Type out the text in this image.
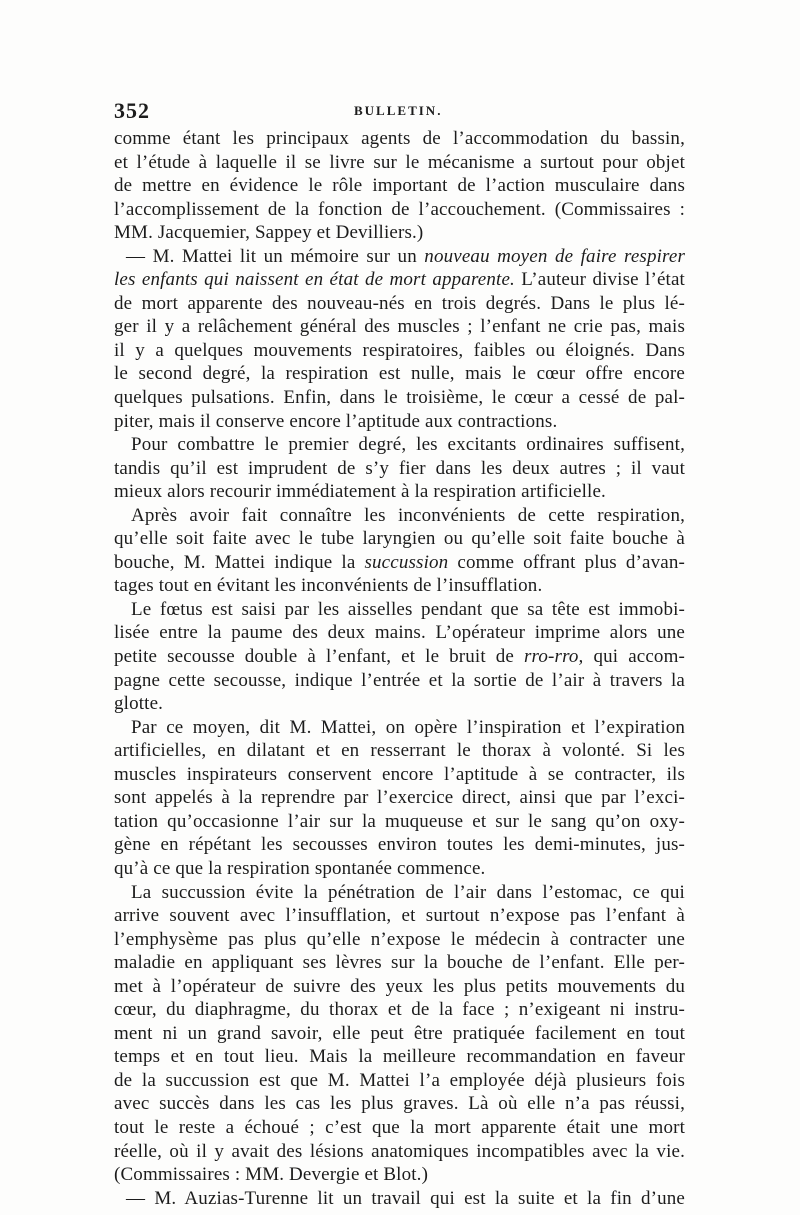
352	BULLETIN.
comme étant les principaux agents de l’accommodation du bassin,
et l’étude à laquelle il se livre sur le mécanisme a surtout pour objet
de mettre en évidence le rôle important de l’action musculaire dans
l’accomplissement de la fonction de l’accouchement. (Commissaires :
MM. Jacquemier, Sappey et Devilliers.)
— M. Mattei lit un mémoire sur un nouveau moyen de faire respirer
les enfants qui naissent en état de mort apparente. L’auteur divise l’état
de mort apparente des nouveau-nés en trois degrés. Dans le plus lé-
ger il y a relâchement général des muscles ; l’enfant ne crie pas, mais
il y a quelques mouvements respiratoires, faibles ou éloignés. Dans
le second degré, la respiration est nulle, mais le cœur offre encore
quelques pulsations. Enfin, dans le troisième, le cœur a cessé de pal-
piter, mais il conserve encore l’aptitude aux contractions.
Pour combattre le premier degré, les excitants ordinaires suffisent,
tandis qu’il est imprudent de s’y fier dans les deux autres ; il vaut
mieux alors recourir immédiatement à la respiration artificielle.
Après avoir fait connaître les inconvénients de cette respiration,
qu’elle soit faite avec le tube laryngien ou qu’elle soit faite bouche à
bouche, M. Mattei indique la succussion comme offrant plus d’avan-
tages tout en évitant les inconvénients de l’insufflation.
Le fœtus est saisi par les aisselles pendant que sa tête est immobi-
lisée entre la paume des deux mains. L’opérateur imprime alors une
petite secousse double à l’enfant, et le bruit de rro-rro, qui accom-
pagne cette secousse, indique l’entrée et la sortie de l’air à travers la
glotte.
Par ce moyen, dit M. Mattei, on opère l’inspiration et l’expiration
artificielles, en dilatant et en resserrant le thorax à volonté. Si les
muscles inspirateurs conservent encore l’aptitude à se contracter, ils
sont appelés à la reprendre par l’exercice direct, ainsi que par l’exci-
tation qu’occasionne l’air sur la muqueuse et sur le sang qu’on oxy-
gène en répétant les secousses environ toutes les demi-minutes, jus-
qu’à ce que la respiration spontanée commence.
La succussion évite la pénétration de l’air dans l’estomac, ce qui
arrive souvent avec l’insufflation, et surtout n’expose pas l’enfant à
l’emphysème pas plus qu’elle n’expose le médecin à contracter une
maladie en appliquant ses lèvres sur la bouche de l’enfant. Elle per-
met à l’opérateur de suivre des yeux les plus petits mouvements du
cœur, du diaphragme, du thorax et de la face ; n’exigeant ni instru-
ment ni un grand savoir, elle peut être pratiquée facilement en tout
temps et en tout lieu. Mais la meilleure recommandation en faveur
de la succussion est que M. Mattei l’a employée déjà plusieurs fois
avec succès dans les cas les plus graves. Là où elle n’a pas réussi,
tout le reste a échoué ; c’est que la mort apparente était une mort
réelle, où il y avait des lésions anatomiques incompatibles avec la vie.
(Commissaires : MM. Devergie et Blot.)
— M. Auzias-Turenne lit un travail qui est la suite et la fin d’une
